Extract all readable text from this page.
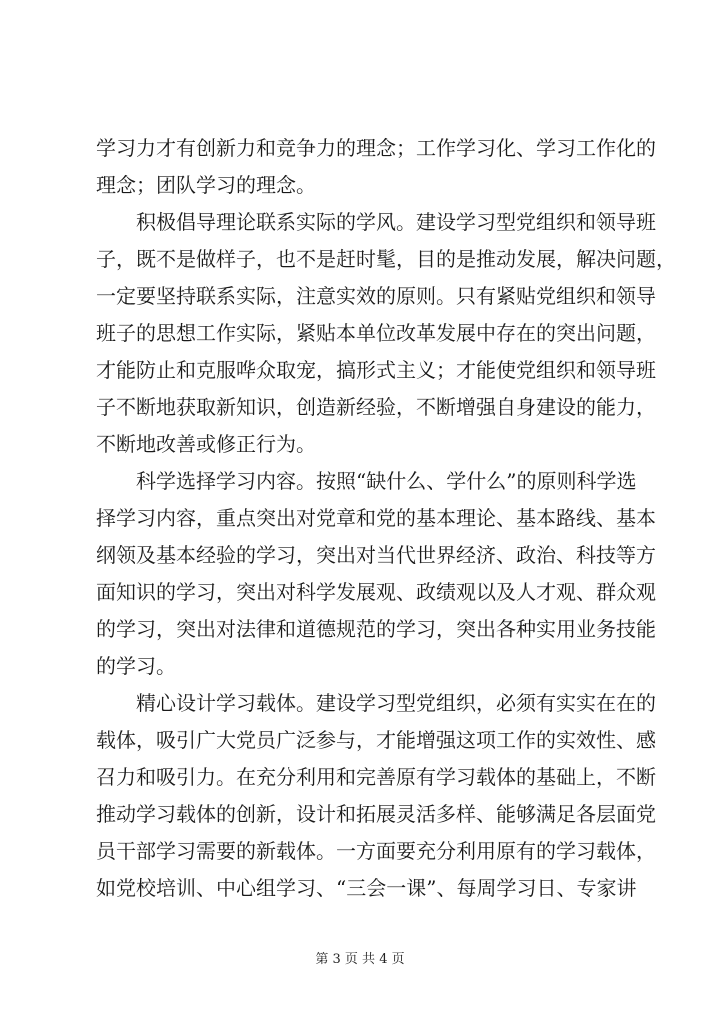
学习力才有创新力和竞争力的理念；工作学习化、学习工作化的
理念；团队学习的理念。
积极倡导理论联系实际的学风。建设学习型党组织和领导班
子，既不是做样子，也不是赶时髦，目的是推动发展，解决问题，
一定要坚持联系实际，注意实效的原则。只有紧贴党组织和领导
班子的思想工作实际，紧贴本单位改革发展中存在的突出问题，
才能防止和克服哗众取宠，搞形式主义；才能使党组织和领导班
子不断地获取新知识，创造新经验，不断增强自身建设的能力，
不断地改善或修正行为。
科学选择学习内容。按照“缺什么、学什么”的原则科学选
择学习内容，重点突出对党章和党的基本理论、基本路线、基本
纲领及基本经验的学习，突出对当代世界经济、政治、科技等方
面知识的学习，突出对科学发展观、政绩观以及人才观、群众观
的学习，突出对法律和道德规范的学习，突出各种实用业务技能
的学习。
精心设计学习载体。建设学习型党组织，必须有实实在在的
载体，吸引广大党员广泛参与，才能增强这项工作的实效性、感
召力和吸引力。在充分利用和完善原有学习载体的基础上，不断
推动学习载体的创新，设计和拓展灵活多样、能够满足各层面党
员干部学习需要的新载体。一方面要充分利用原有的学习载体，
如党校培训、中心组学习、“三会一课”、每周学习日、专家讲
第 3 页 共 4 页
